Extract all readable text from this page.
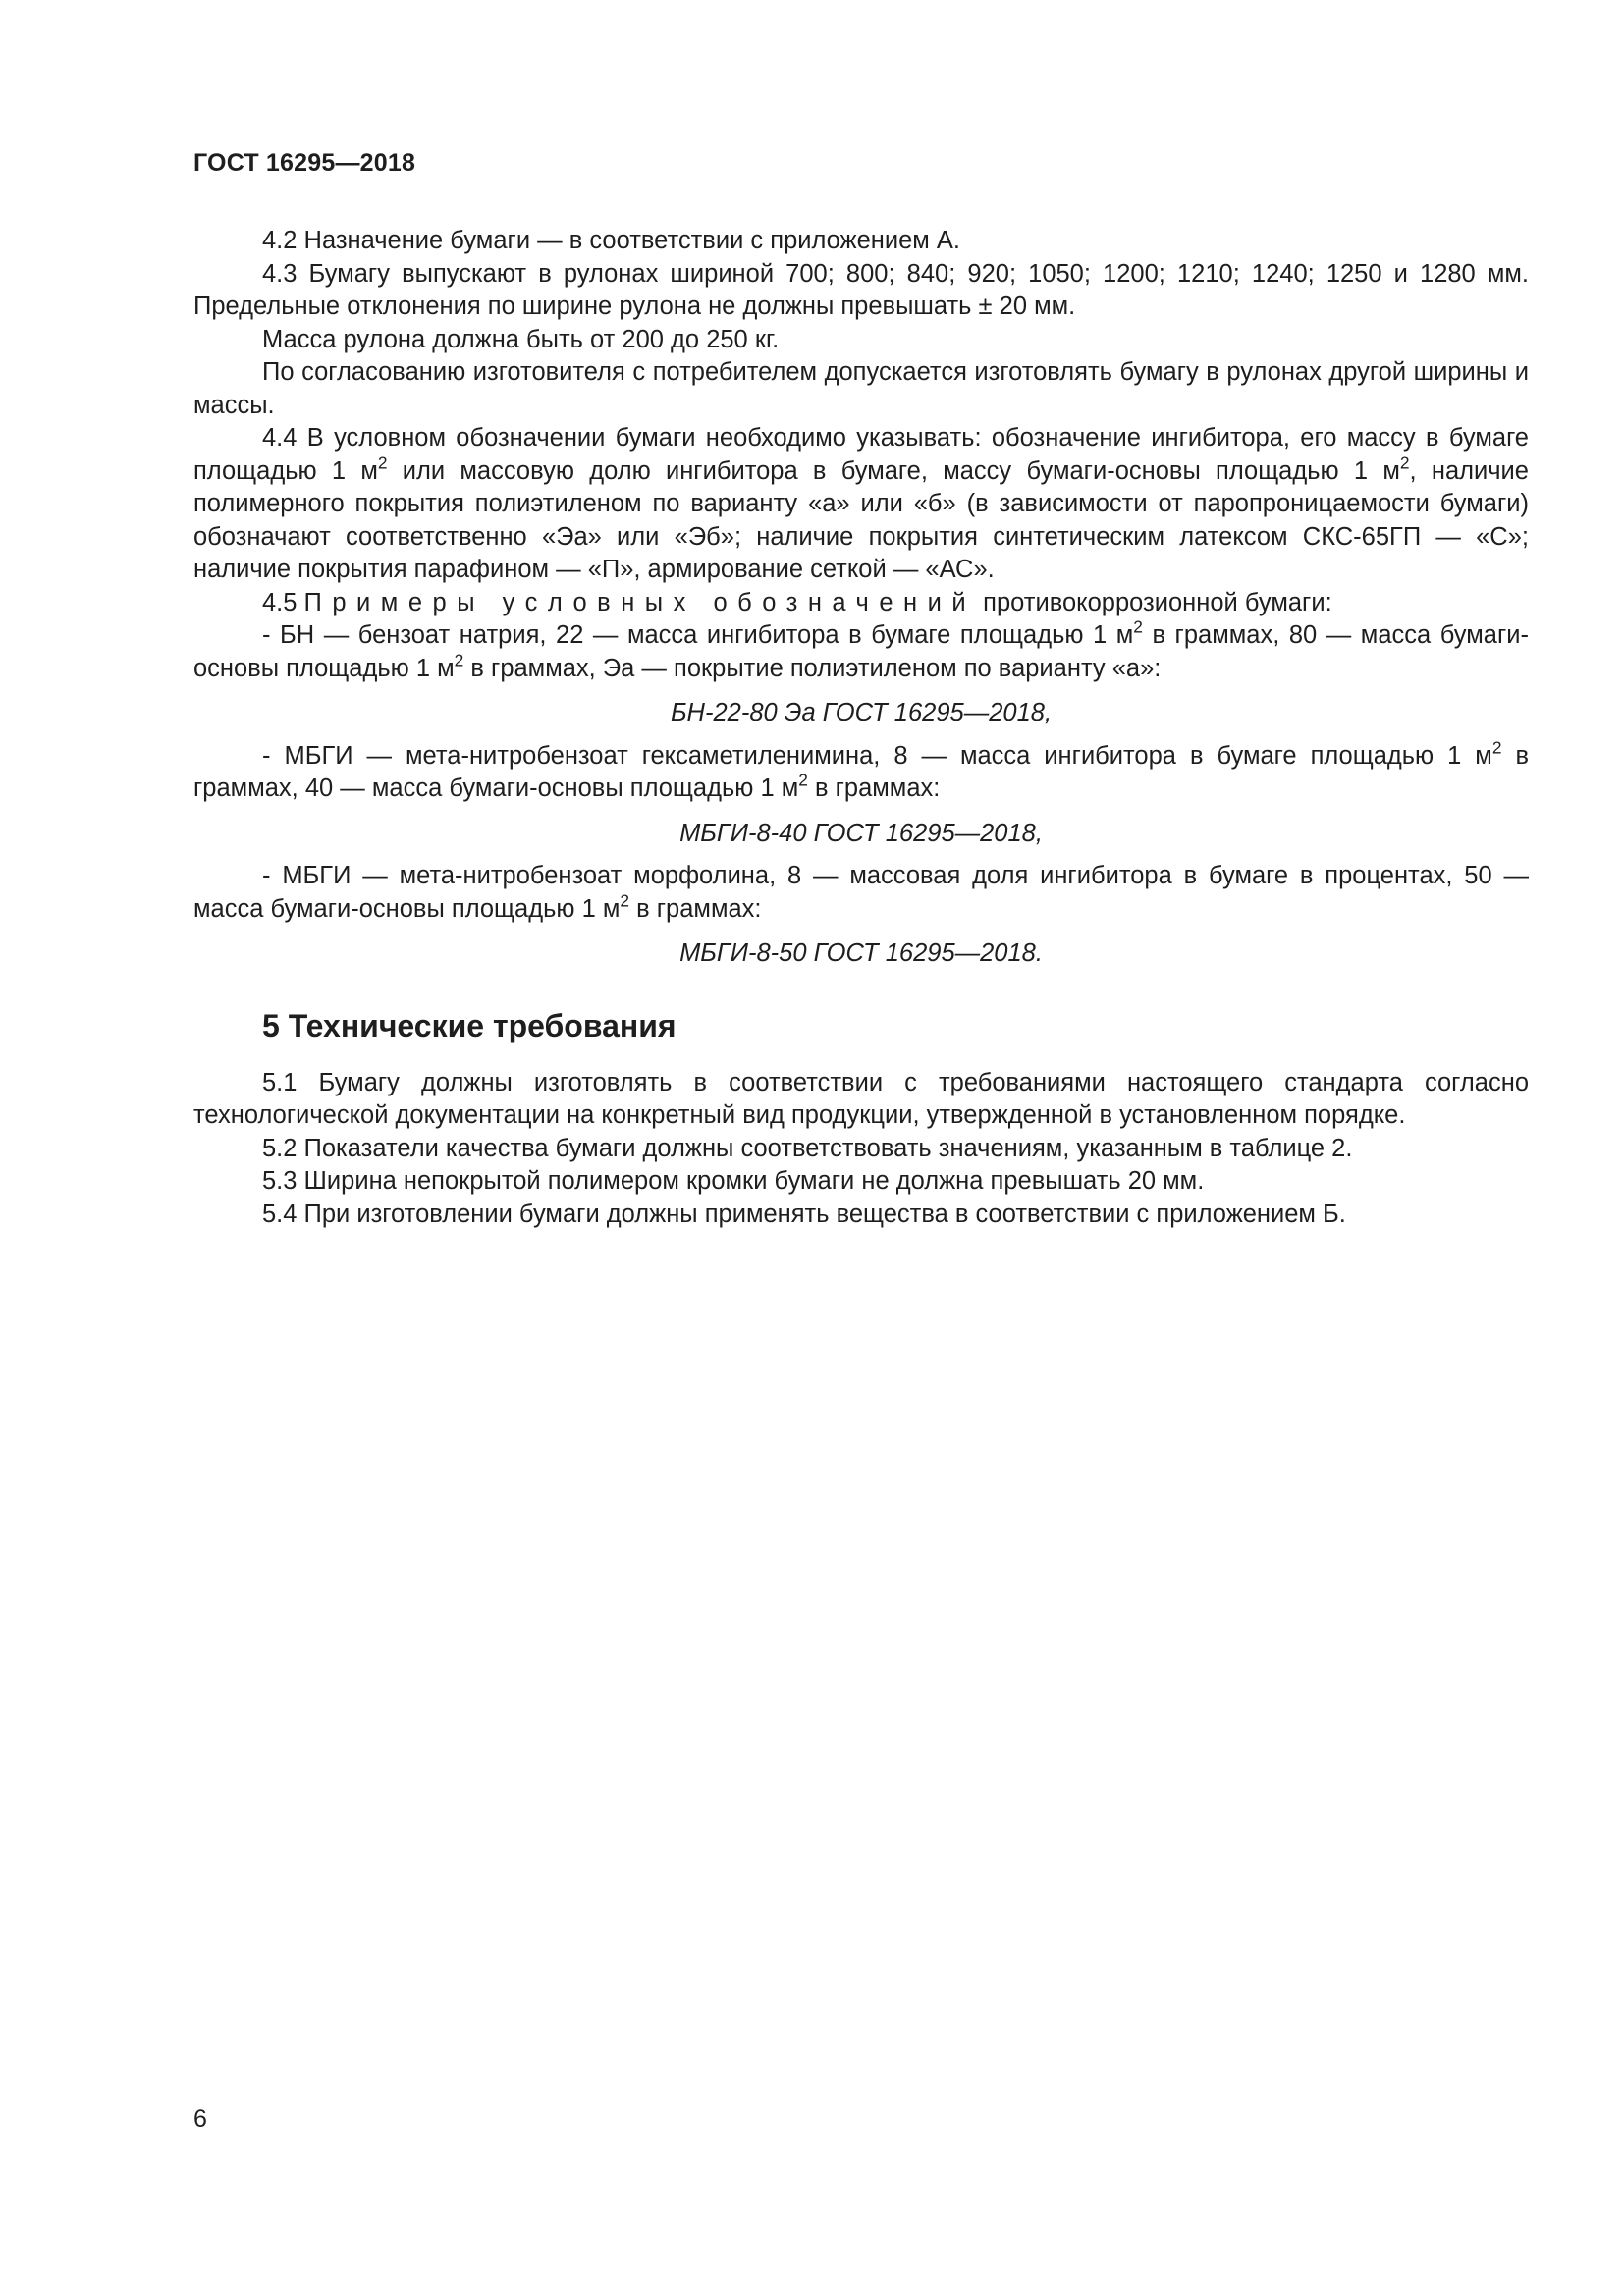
ГОСТ 16295—2018

4.2 Назначение бумаги — в соответствии с приложением А.

4.3 Бумагу выпускают в рулонах шириной 700; 800; 840; 920; 1050; 1200; 1210; 1240; 1250 и 1280 мм. Предельные отклонения по ширине рулона не должны превышать ± 20 мм.

Масса рулона должна быть от 200 до 250 кг.

По согласованию изготовителя с потребителем допускается изготовлять бумагу в рулонах другой ширины и массы.

4.4 В условном обозначении бумаги необходимо указывать: обозначение ингибитора, его массу в бумаге площадью 1 $м^2$ или массовую долю ингибитора в бумаге, массу бумаги-основы площадью 1 $м^2$, наличие полимерного покрытия полиэтиленом по варианту «а» или «б» (в зависимости от паропроницаемости бумаги) обозначают соответственно «Эа» или «Эб»; наличие покрытия синтетическим латексом СКС-65ГП — «С»; наличие покрытия парафином — «П», армирование сеткой — «АС».

4.5 Примеры условных обозначений противокоррозионной бумаги:

- БН — бензоат натрия, 22 — масса ингибитора в бумаге площадью 1 $м^2$ в граммах, 80 — масса бумаги-основы площадью 1 $м^2$ в граммах, Эа — покрытие полиэтиленом по варианту «а»:

БН-22-80 Эа ГОСТ 16295—2018,

- МБГИ — мета-нитробензоат гексаметиленимина, 8 — масса ингибитора в бумаге площадью 1 $м^2$ в граммах, 40 — масса бумаги-основы площадью 1 $м^2$ в граммах:

МБГИ-8-40 ГОСТ 16295—2018,

- МБГИ — мета-нитробензоат морфолина, 8 — массовая доля ингибитора в бумаге в процентах, 50 — масса бумаги-основы площадью 1 $м^2$ в граммах:

МБГИ-8-50 ГОСТ 16295—2018.

5 Технические требования

5.1 Бумагу должны изготовлять в соответствии с требованиями настоящего стандарта согласно технологической документации на конкретный вид продукции, утвержденной в установленном порядке.

5.2 Показатели качества бумаги должны соответствовать значениям, указанным в таблице 2.

5.3 Ширина непокрытой полимером кромки бумаги не должна превышать 20 мм.

5.4 При изготовлении бумаги должны применять вещества в соответствии с приложением Б.

6
